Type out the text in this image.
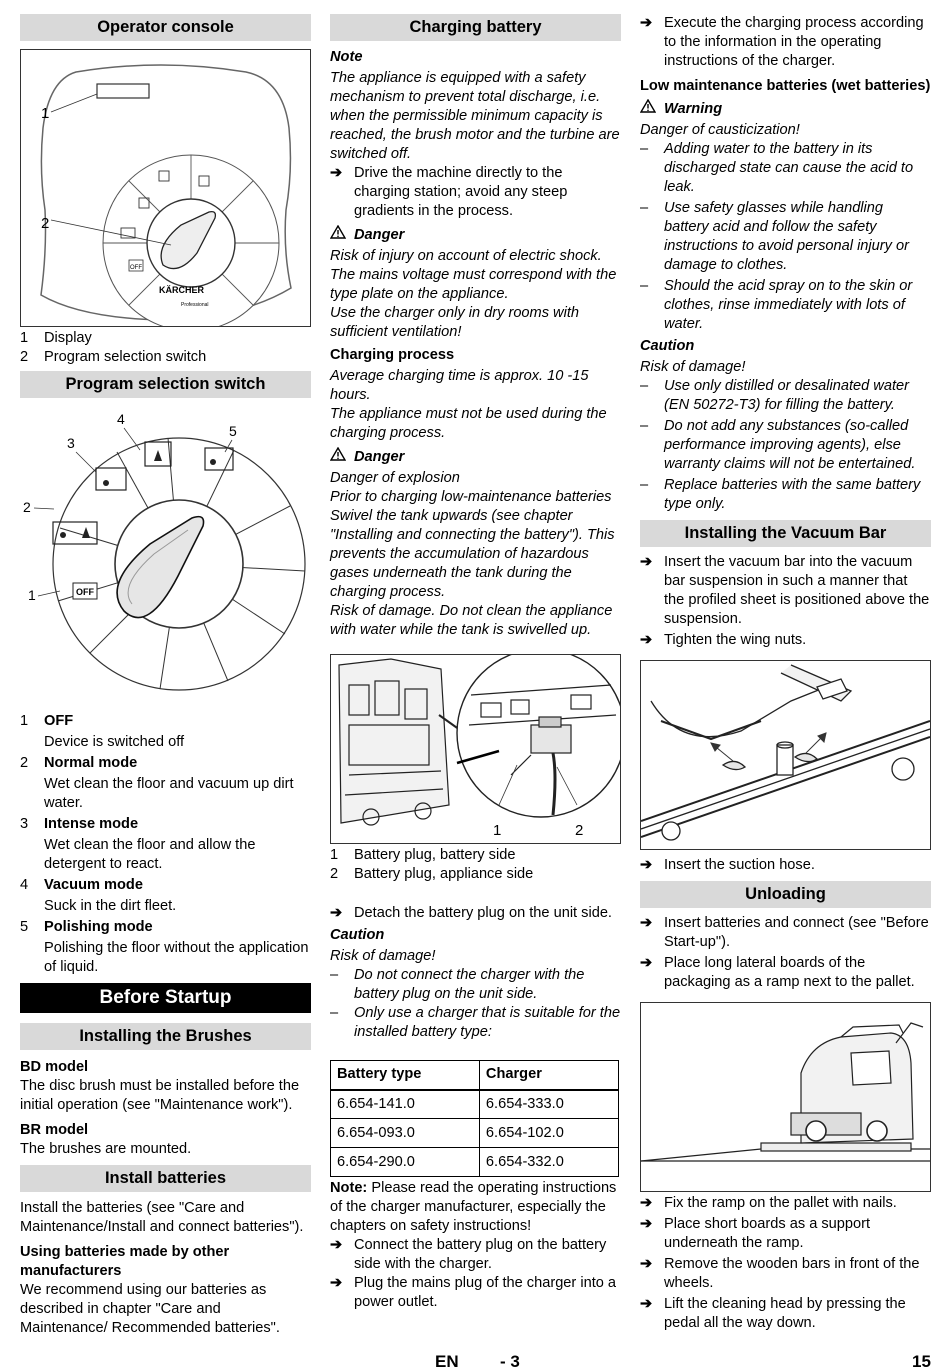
Operator console
1
OFF
2
KÄRCHER
Professional
1	Display
2	Program selection switch
Program selection switch
OFF
4
5
3
2
1
1	OFF
Device is switched off
2	Normal mode
Wet clean the floor and vacuum up dirt water.
3	Intense mode
Wet clean the floor and allow the detergent to react.
4	Vacuum mode
Suck in the dirt fleet.
5	Polishing mode
Polishing the floor without the application of liquid.
Before Startup
Installing the Brushes
BD model
The disc brush must be installed before the initial operation (see "Maintenance work").
BR model
The brushes are mounted.
Install batteries
Install the batteries (see "Care and Maintenance/Install and connect batteries").
Using batteries made by other manufacturers
We recommend using our batteries as described in chapter "Care and Maintenance/ Recommended batteries".
Charging battery
Note
The appliance is equipped with a safety mechanism to prevent total discharge, i.e. when the permissible minimum capacity is reached, the brush motor and the turbine are switched off.
➔ Drive the machine directly to the charging station; avoid any steep gradients in the process.
Danger
Risk of injury on account of electric shock. The mains voltage must correspond with the type plate on the appliance.
Use the charger only in dry rooms with sufficient ventilation!
Charging process
Average charging time is approx. 10 -15 hours.
The appliance must not be used during the charging process.
Danger
Danger of explosion
Prior to charging low-maintenance batteries
Swivel the tank upwards (see chapter "Installing and connecting the battery"). This prevents the accumulation of hazardous gases underneath the tank during the charging process.
Risk of damage. Do not clean the appliance with water while the tank is swivelled up.
1	2
1	Battery plug, battery side
2	Battery plug, appliance side
➔ Detach the battery plug on the unit side.
Caution
Risk of damage!
–	Do not connect the charger with the battery plug on the unit side.
–	Only use a charger that is suitable for the installed battery type:
Battery type	Charger
6.654-141.0	6.654-333.0
6.654-093.0	6.654-102.0
6.654-290.0	6.654-332.0
Note: Please read the operating instructions of the charger manufacturer, especially the chapters on safety instructions!
➔ Connect the battery plug on the battery side with the charger.
➔ Plug the mains plug of the charger into a power outlet.
➔ Execute the charging process according to the information in the operating instructions of the charger.
Low maintenance batteries (wet batteries)
Warning
Danger of causticization!
–	Adding water to the battery in its discharged state can cause the acid to leak.
–	Use safety glasses while handling battery acid and follow the safety instructions to avoid personal injury or damage to clothes.
–	Should the acid spray on to the skin or clothes, rinse immediately with lots of water.
Caution
Risk of damage!
–	Use only distilled or desalinated water (EN 50272-T3) for filling the battery.
–	Do not add any substances (so-called performance improving agents), else warranty claims will not be entertained.
–	Replace batteries with the same battery type only.
Installing the Vacuum Bar
➔ Insert the vacuum bar into the vacuum bar suspension in such a manner that the profiled sheet is positioned above the suspension.
➔ Tighten the wing nuts.
➔ Insert the suction hose.
Unloading
➔ Insert batteries and connect (see "Before Start-up").
➔ Place long lateral boards of the packaging as a ramp next to the pallet.
➔ Fix the ramp on the pallet with nails.
➔ Place short boards as a support underneath the ramp.
➔ Remove the wooden bars in front of the wheels.
➔ Lift the cleaning head by pressing the pedal all the way down.
EN - 3	15
